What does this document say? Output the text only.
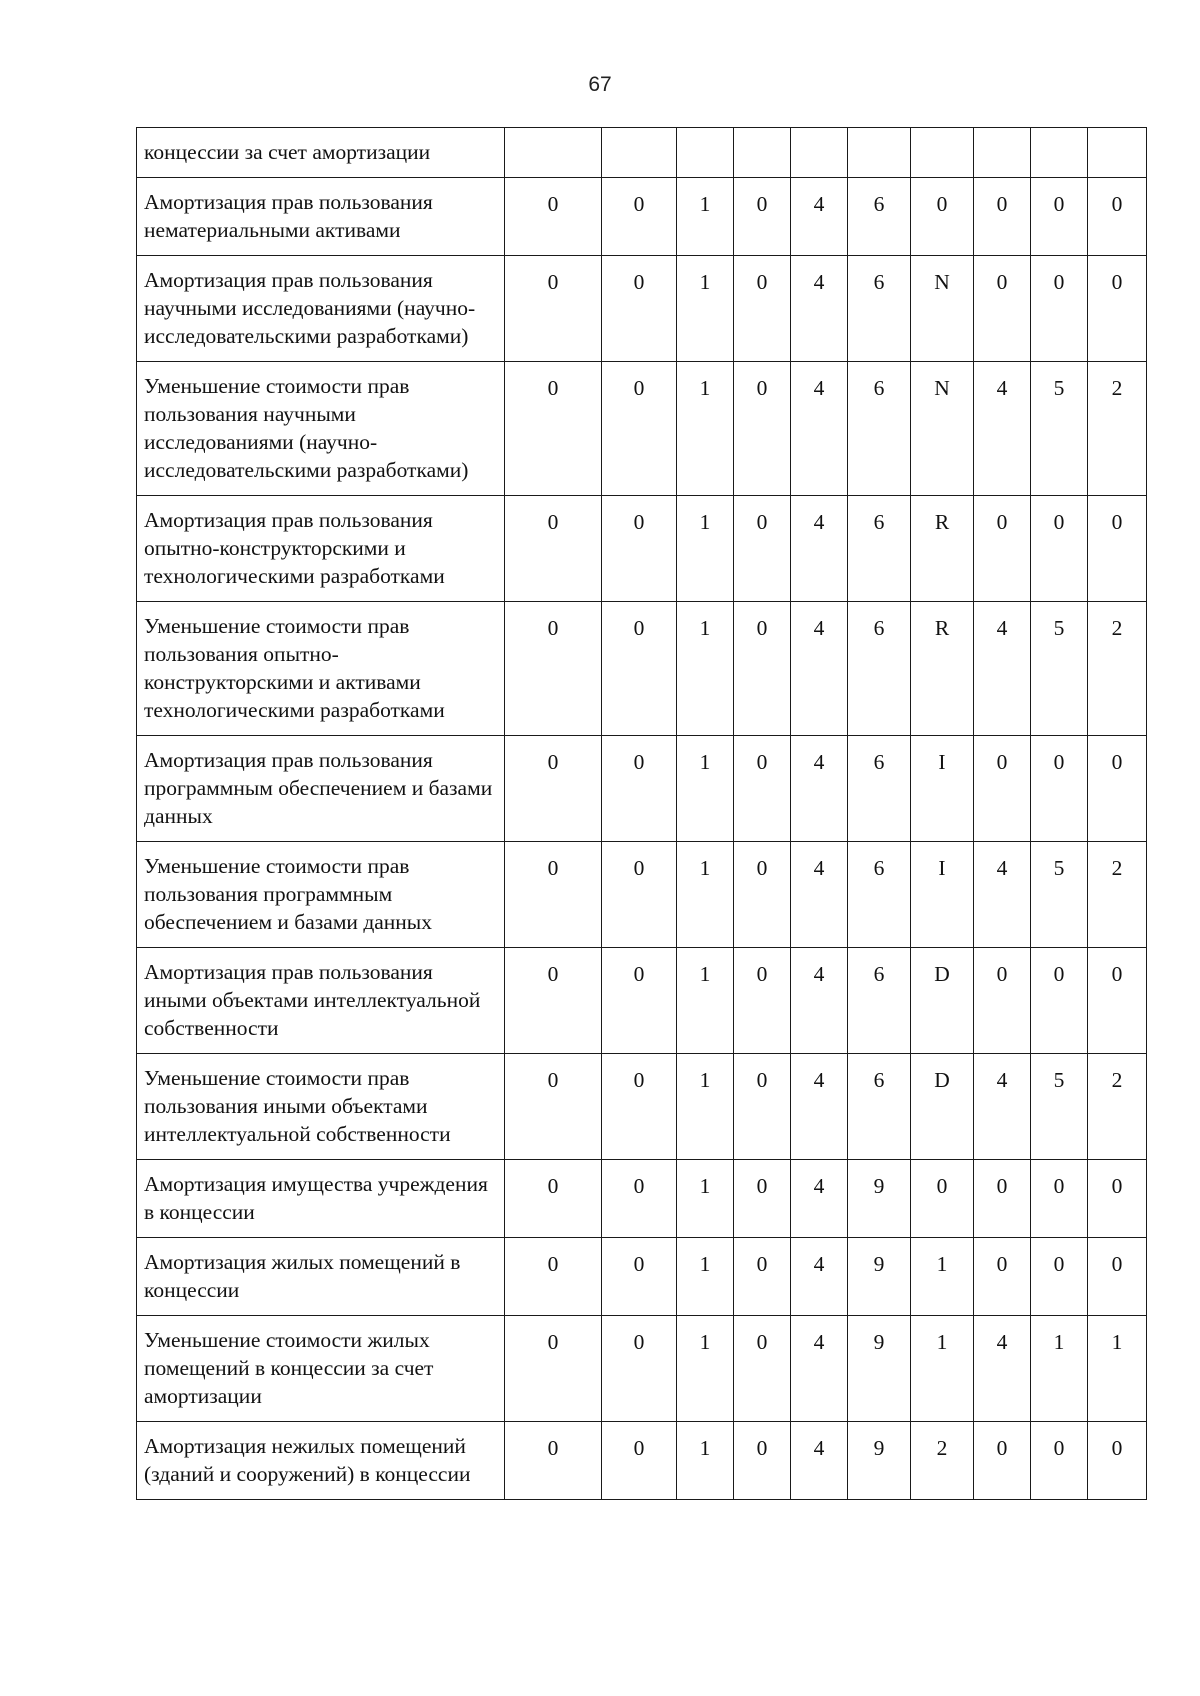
67
концессии за счет амортизации										
Амортизация прав пользования нематериальными активами	0	0	1	0	4	6	0	0	0	0
Амортизация прав пользования научными исследованиями (научно-исследовательскими разработками)	0	0	1	0	4	6	N	0	0	0
Уменьшение стоимости прав пользования научными исследованиями (научно-исследовательскими разработками)	0	0	1	0	4	6	N	4	5	2
Амортизация прав пользования опытно-конструкторскими и технологическими разработками	0	0	1	0	4	6	R	0	0	0
Уменьшение стоимости прав пользования опытно-конструкторскими и активами технологическими разработками	0	0	1	0	4	6	R	4	5	2
Амортизация прав пользования программным обеспечением и базами данных	0	0	1	0	4	6	I	0	0	0
Уменьшение стоимости прав пользования программным обеспечением и базами данных	0	0	1	0	4	6	I	4	5	2
Амортизация прав пользования иными объектами интеллектуальной собственности	0	0	1	0	4	6	D	0	0	0
Уменьшение стоимости прав пользования иными объектами интеллектуальной собственности	0	0	1	0	4	6	D	4	5	2
Амортизация имущества учреждения в концессии	0	0	1	0	4	9	0	0	0	0
Амортизация жилых помещений в концессии	0	0	1	0	4	9	1	0	0	0
Уменьшение стоимости жилых помещений в концессии за счет амортизации	0	0	1	0	4	9	1	4	1	1
Амортизация нежилых помещений (зданий и сооружений) в концессии	0	0	1	0	4	9	2	0	0	0
